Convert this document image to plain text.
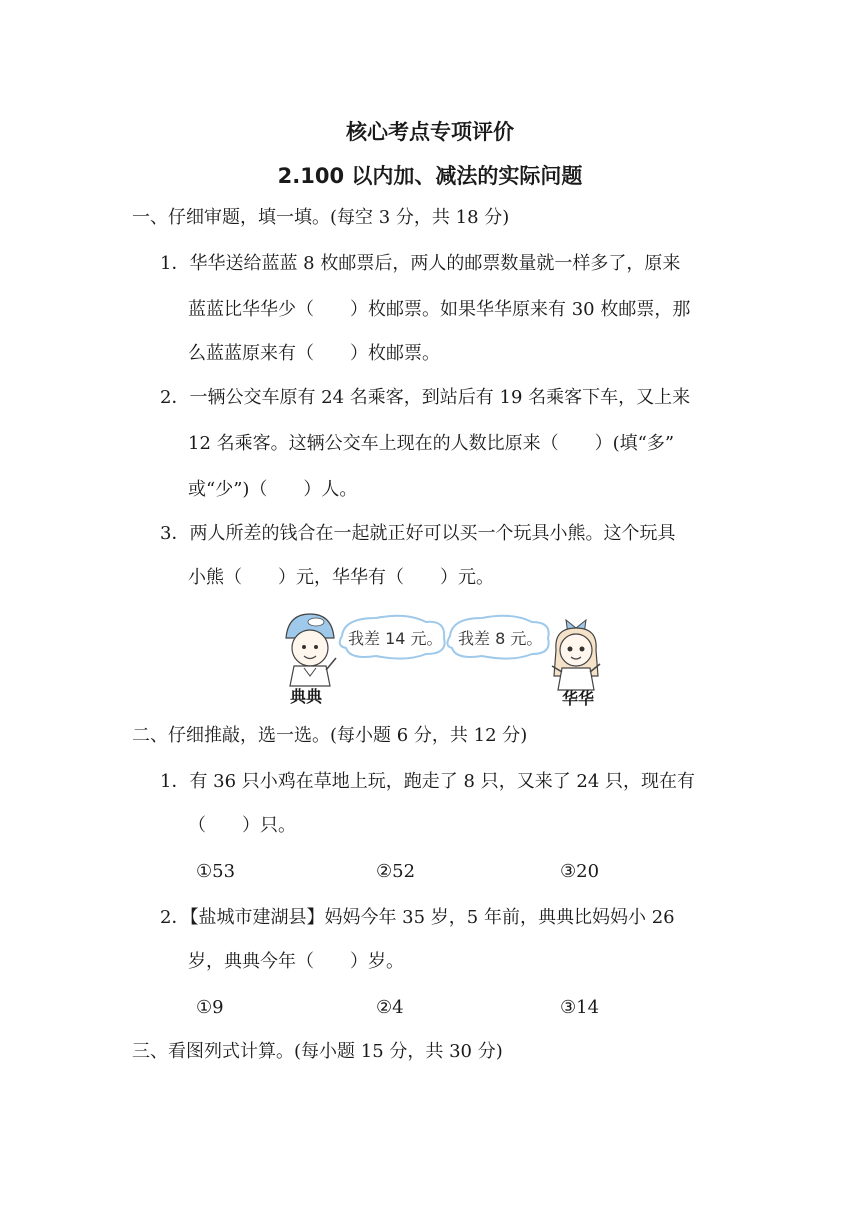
核心考点专项评价
2.100 以内加、减法的实际问题
一、仔细审题，填一填。(每空 3 分，共 18 分)
1．华华送给蓝蓝 8 枚邮票后，两人的邮票数量就一样多了，原来
蓝蓝比华华少（　　）枚邮票。如果华华原来有 30 枚邮票，那
么蓝蓝原来有（　　）枚邮票。
2．一辆公交车原有 24 名乘客，到站后有 19 名乘客下车，又上来
12 名乘客。这辆公交车上现在的人数比原来（　　）(填“多”
或“少”)（　　）人。
3．两人所差的钱合在一起就正好可以买一个玩具小熊。这个玩具
小熊（　　）元，华华有（　　）元。
我差 14 元。 我差 8 元。
典典	华华
二、仔细推敲，选一选。(每小题 6 分，共 12 分)
1．有 36 只小鸡在草地上玩，跑走了 8 只，又来了 24 只，现在有
（　　）只。
①53	②52	③20
2．【盐城市建湖县】妈妈今年 35 岁，5 年前，典典比妈妈小 26
岁，典典今年（　　）岁。
①9	②4	③14
三、看图列式计算。(每小题 15 分，共 30 分)
